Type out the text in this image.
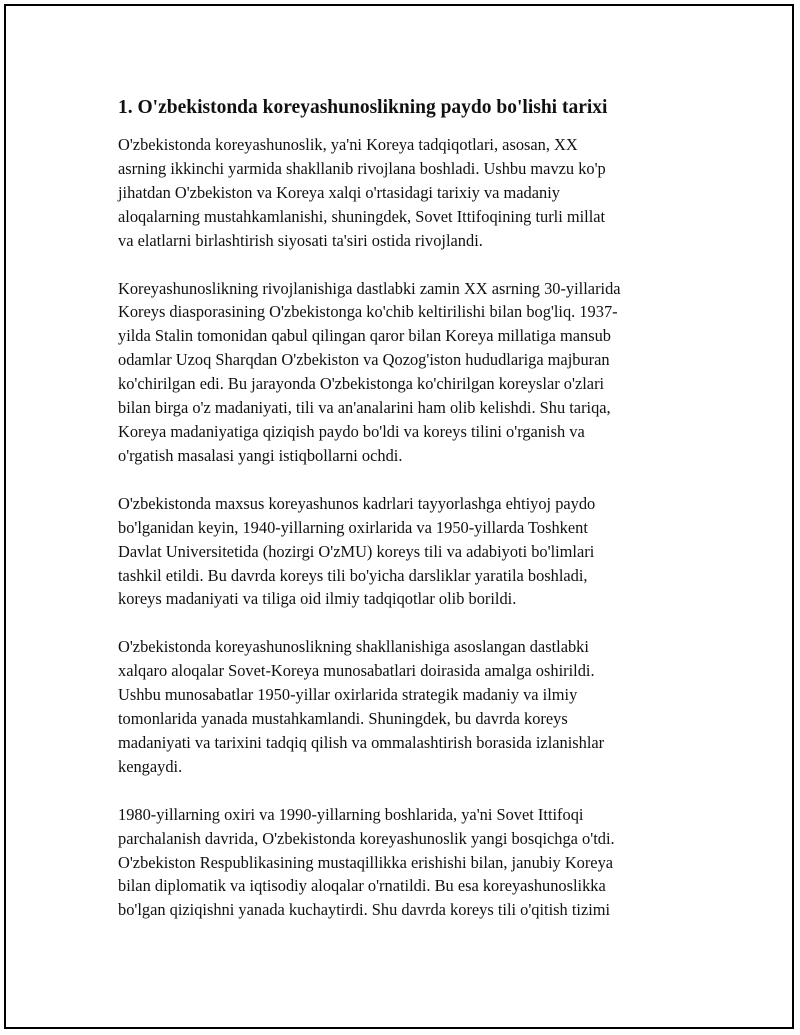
1. O'zbekistonda koreyashunoslikning paydo bo'lishi tarixi

O'zbekistonda koreyashunoslik, ya'ni Koreya tadqiqotlari, asosan, XX
asrning ikkinchi yarmida shakllanib rivojlana boshladi. Ushbu mavzu ko'p
jihatdan O'zbekiston va Koreya xalqi o'rtasidagi tarixiy va madaniy
aloqalarning mustahkamlanishi, shuningdek, Sovet Ittifoqining turli millat
va elatlarni birlashtirish siyosati ta'siri ostida rivojlandi.

Koreyashunoslikning rivojlanishiga dastlabki zamin XX asrning 30-yillarida
Koreys diasporasining O'zbekistonga ko'chib keltirilishi bilan bog'liq. 1937-
yilda Stalin tomonidan qabul qilingan qaror bilan Koreya millatiga mansub
odamlar Uzoq Sharqdan O'zbekiston va Qozog'iston hududlariga majburan
ko'chirilgan edi. Bu jarayonda O'zbekistonga ko'chirilgan koreyslar o'zlari
bilan birga o'z madaniyati, tili va an'analarini ham olib kelishdi. Shu tariqa,
Koreya madaniyatiga qiziqish paydo bo'ldi va koreys tilini o'rganish va
o'rgatish masalasi yangi istiqbollarni ochdi.

O'zbekistonda maxsus koreyashunos kadrlari tayyorlashga ehtiyoj paydo
bo'lganidan keyin, 1940-yillarning oxirlarida va 1950-yillarda Toshkent
Davlat Universitetida (hozirgi O'zMU) koreys tili va adabiyoti bo'limlari
tashkil etildi. Bu davrda koreys tili bo'yicha darsliklar yaratila boshladi,
koreys madaniyati va tiliga oid ilmiy tadqiqotlar olib borildi.

O'zbekistonda koreyashunoslikning shakllanishiga asoslangan dastlabki
xalqaro aloqalar Sovet-Koreya munosabatlari doirasida amalga oshirildi.
Ushbu munosabatlar 1950-yillar oxirlarida strategik madaniy va ilmiy
tomonlarida yanada mustahkamlandi. Shuningdek, bu davrda koreys
madaniyati va tarixini tadqiq qilish va ommalashtirish borasida izlanishlar
kengaydi.

1980-yillarning oxiri va 1990-yillarning boshlarida, ya'ni Sovet Ittifoqi
parchalanish davrida, O'zbekistonda koreyashunoslik yangi bosqichga o'tdi.
O'zbekiston Respublikasining mustaqillikka erishishi bilan, janubiy Koreya
bilan diplomatik va iqtisodiy aloqalar o'rnatildi. Bu esa koreyashunoslikka
bo'lgan qiziqishni yanada kuchaytirdi. Shu davrda koreys tili o'qitish tizimi
